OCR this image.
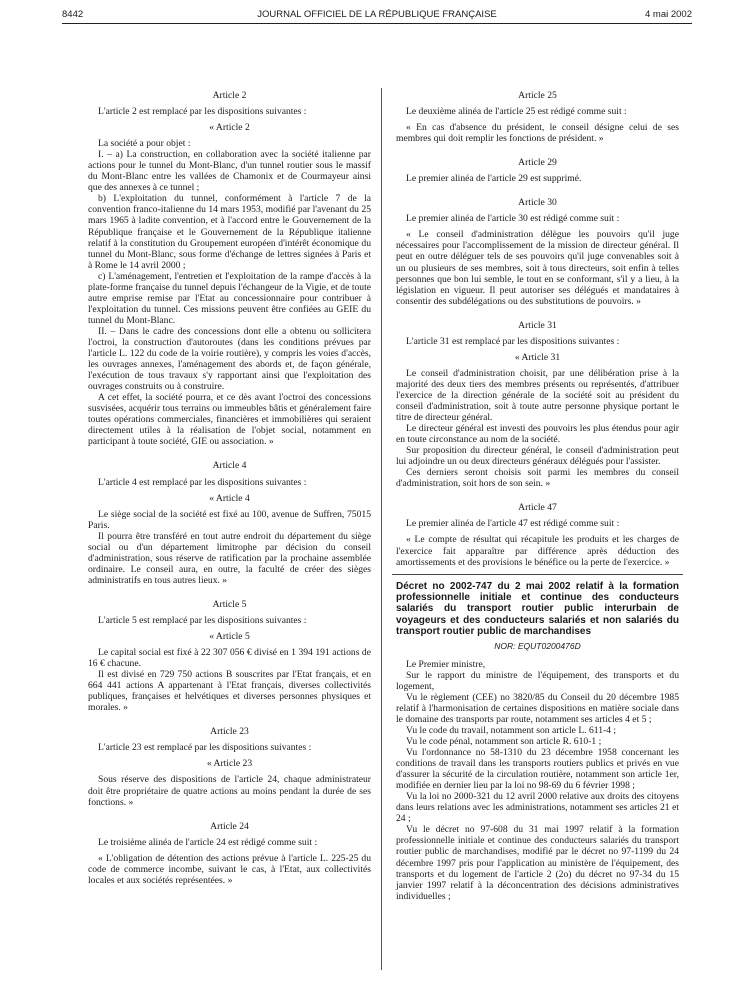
8442	JOURNAL OFFICIEL DE LA RÉPUBLIQUE FRANÇAISE	4 mai 2002

Article 2

L'article 2 est remplacé par les dispositions suivantes :

« Article 2

La société a pour objet :

I. – a) La construction, en collaboration avec la société italienne par actions pour le tunnel du Mont-Blanc, d'un tunnel routier sous le massif du Mont-Blanc entre les vallées de Chamonix et de Courmayeur ainsi que des annexes à ce tunnel ;

b) L'exploitation du tunnel, conformément à l'article 7 de la convention franco-italienne du 14 mars 1953, modifié par l'avenant du 25 mars 1965 à ladite convention, et à l'accord entre le Gouvernement de la République française et le Gouvernement de la République italienne relatif à la constitution du Groupement européen d'intérêt économique du tunnel du Mont-Blanc, sous forme d'échange de lettres signées à Paris et à Rome le 14 avril 2000 ;

c) L'aménagement, l'entretien et l'exploitation de la rampe d'accès à la plate-forme française du tunnel depuis l'échangeur de la Vigie, et de toute autre emprise remise par l'Etat au concessionnaire pour contribuer à l'exploitation du tunnel. Ces missions peuvent être confiées au GEIE du tunnel du Mont-Blanc.

II. – Dans le cadre des concessions dont elle a obtenu ou sollicitera l'octroi, la construction d'autoroutes (dans les conditions prévues par l'article L. 122 du code de la voirie routière), y compris les voies d'accès, les ouvrages annexes, l'aménagement des abords et, de façon générale, l'exécution de tous travaux s'y rapportant ainsi que l'exploitation des ouvrages construits ou à construire.

A cet effet, la société pourra, et ce dès avant l'octroi des concessions susvisées, acquérir tous terrains ou immeubles bâtis et généralement faire toutes opérations commerciales, financières et immobilières qui seraient directement utiles à la réalisation de l'objet social, notamment en participant à toute société, GIE ou association. »

Article 4

L'article 4 est remplacé par les dispositions suivantes :

« Article 4

Le siège social de la société est fixé au 100, avenue de Suffren, 75015 Paris.

Il pourra être transféré en tout autre endroit du département du siège social ou d'un département limitrophe par décision du conseil d'administration, sous réserve de ratification par la prochaine assemblée ordinaire. Le conseil aura, en outre, la faculté de créer des sièges administratifs en tous autres lieux. »

Article 5

L'article 5 est remplacé par les dispositions suivantes :

« Article 5

Le capital social est fixé à 22 307 056 € divisé en 1 394 191 actions de 16 € chacune.

Il est divisé en 729 750 actions B souscrites par l'Etat français, et en 664 441 actions A appartenant à l'Etat français, diverses collectivités publiques, françaises et helvétiques et diverses personnes physiques et morales. »

Article 23

L'article 23 est remplacé par les dispositions suivantes :

« Article 23

Sous réserve des dispositions de l'article 24, chaque administrateur doit être propriétaire de quatre actions au moins pendant la durée de ses fonctions. »

Article 24

Le troisième alinéa de l'article 24 est rédigé comme suit :

« L'obligation de détention des actions prévue à l'article L. 225-25 du code de commerce incombe, suivant le cas, à l'Etat, aux collectivités locales et aux sociétés représentées. »

Article 25

Le deuxième alinéa de l'article 25 est rédigé comme suit :

« En cas d'absence du président, le conseil désigne celui de ses membres qui doit remplir les fonctions de président. »

Article 29

Le premier alinéa de l'article 29 est supprimé.

Article 30

Le premier alinéa de l'article 30 est rédigé comme suit :

« Le conseil d'administration délègue les pouvoirs qu'il juge nécessaires pour l'accomplissement de la mission de directeur général. Il peut en outre déléguer tels de ses pouvoirs qu'il juge convenables soit à un ou plusieurs de ses membres, soit à tous directeurs, soit enfin à telles personnes que bon lui semble, le tout en se conformant, s'il y a lieu, à la législation en vigueur. Il peut autoriser ses délégués et mandataires à consentir des subdélégations ou des substitutions de pouvoirs. »

Article 31

L'article 31 est remplacé par les dispositions suivantes :

« Article 31

Le conseil d'administration choisit, par une délibération prise à la majorité des deux tiers des membres présents ou représentés, d'attribuer l'exercice de la direction générale de la société soit au président du conseil d'administration, soit à toute autre personne physique portant le titre de directeur général.

Le directeur général est investi des pouvoirs les plus étendus pour agir en toute circonstance au nom de la société.

Sur proposition du directeur général, le conseil d'administration peut lui adjoindre un ou deux directeurs généraux délégués pour l'assister.

Ces derniers seront choisis soit parmi les membres du conseil d'administration, soit hors de son sein. »

Article 47

Le premier alinéa de l'article 47 est rédigé comme suit :

« Le compte de résultat qui récapitule les produits et les charges de l'exercice fait apparaître par différence après déduction des amortissements et des provisions le bénéfice ou la perte de l'exercice. »

Décret no 2002-747 du 2 mai 2002 relatif à la formation professionnelle initiale et continue des conducteurs salariés du transport routier public interurbain de voyageurs et des conducteurs salariés et non salariés du transport routier public de marchandises

NOR: EQUT0200476D

Le Premier ministre,

Sur le rapport du ministre de l'équipement, des transports et du logement,

Vu le règlement (CEE) no 3820/85 du Conseil du 20 décembre 1985 relatif à l'harmonisation de certaines dispositions en matière sociale dans le domaine des transports par route, notamment ses articles 4 et 5 ;

Vu le code du travail, notamment son article L. 611-4 ;

Vu le code pénal, notamment son article R. 610-1 ;

Vu l'ordonnance no 58-1310 du 23 décembre 1958 concernant les conditions de travail dans les transports routiers publics et privés en vue d'assurer la sécurité de la circulation routière, notamment son article 1er, modifiée en dernier lieu par la loi no 98-69 du 6 février 1998 ;

Vu la loi no 2000-321 du 12 avril 2000 relative aux droits des citoyens dans leurs relations avec les administrations, notamment ses articles 21 et 24 ;

Vu le décret no 97-608 du 31 mai 1997 relatif à la formation professionnelle initiale et continue des conducteurs salariés du transport routier public de marchandises, modifié par le décret no 97-1199 du 24 décembre 1997 pris pour l'application au ministère de l'équipement, des transports et du logement de l'article 2 (2o) du décret no 97-34 du 15 janvier 1997 relatif à la déconcentration des décisions administratives individuelles ;
